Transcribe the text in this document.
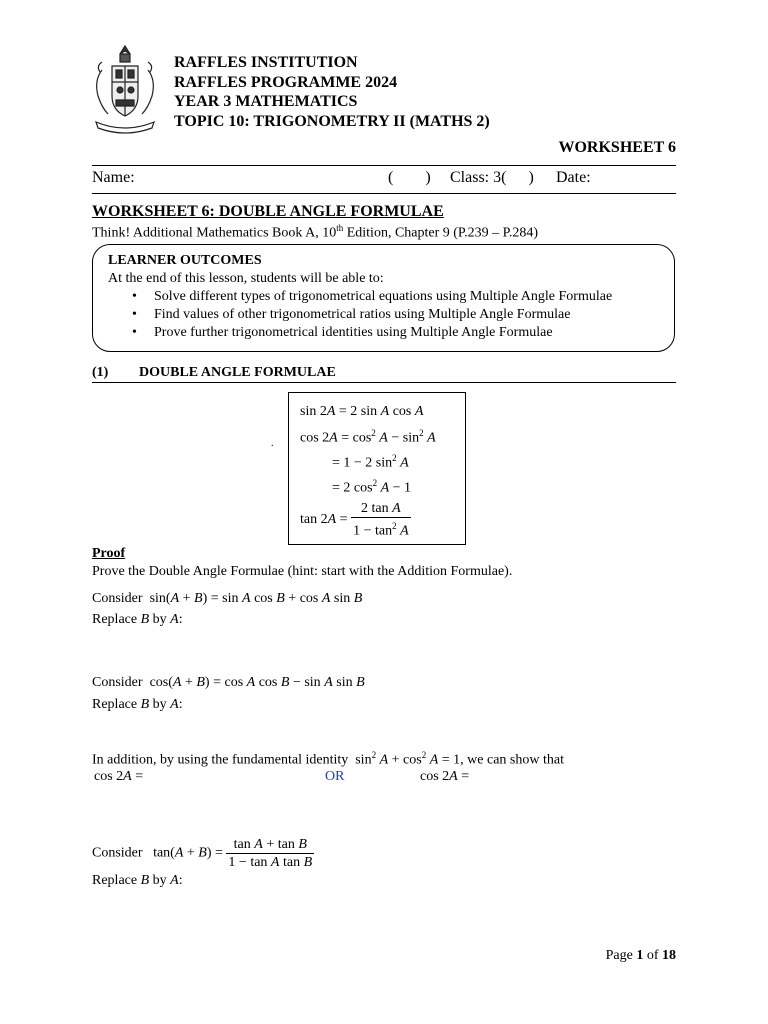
RAFFLES INSTITUTION
RAFFLES PROGRAMME 2024
YEAR 3 MATHEMATICS
TOPIC 10: TRIGONOMETRY II (MATHS 2)
WORKSHEET 6
Name:	(        ) Class: 3( ) Date:
WORKSHEET 6: DOUBLE ANGLE FORMULAE
Think! Additional Mathematics Book A, 10th Edition, Chapter 9 (P.239 – P.284)
LEARNER OUTCOMES
At the end of this lesson, students will be able to:
• Solve different types of trigonometrical equations using Multiple Angle Formulae
• Find values of other trigonometrical ratios using Multiple Angle Formulae
• Prove further trigonometrical identities using Multiple Angle Formulae
(1) DOUBLE ANGLE FORMULAE
.
sin 2A = 2 sin A cos A
$\cos 2A = \cos^2 A - \sin^2 A$
= 1 − 2 $\sin^2 A$
= 2 $\cos^2 A - 1$
$\tan 2A = \frac{\text{2 tan A}}{1 - \tan^2 A}$
Proof
Prove the Double Angle Formulae (hint: start with the Addition Formulae).
Consider  sin(A + B) = sin A cos B + cos A sin B
Replace B by A:
Consider  cos(A + B) = cos A cos B − sin A sin B
Replace B by A:
In addition, by using the fundamental identity  $\sin^2 A + \cos^2 A = 1$, we can show that
cos 2A =	OR	cos 2A =
Consider   $\tan(A + B) = \frac{\text{tan A + tan B}}{\text{1 − tan A tan B}}$
Replace B by A:
Page 1 of 18
